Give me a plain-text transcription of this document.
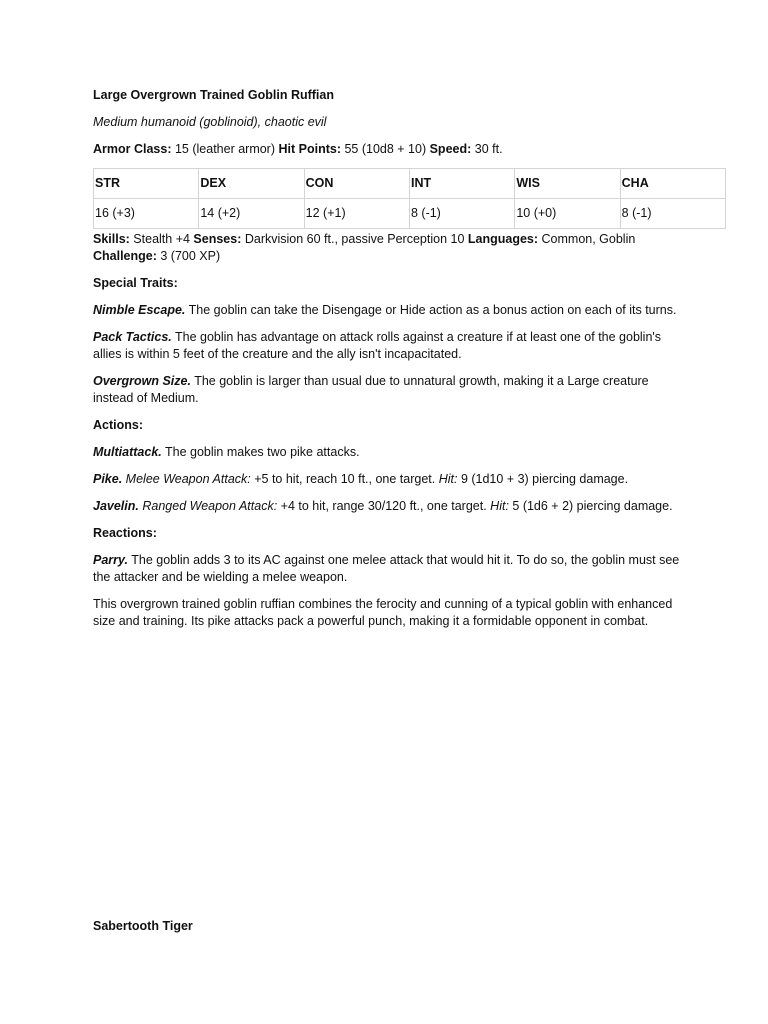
Large Overgrown Trained Goblin Ruffian

Medium humanoid (goblinoid), chaotic evil

Armor Class: 15 (leather armor) Hit Points: 55 (10d8 + 10) Speed: 30 ft.

STR	DEX	CON	INT	WIS	CHA
16 (+3)	14 (+2)	12 (+1)	8 (-1)	10 (+0)	8 (-1)

Skills: Stealth +4 Senses: Darkvision 60 ft., passive Perception 10 Languages: Common, Goblin
Challenge: 3 (700 XP)

Special Traits:

Nimble Escape. The goblin can take the Disengage or Hide action as a bonus action on each of its turns.

Pack Tactics. The goblin has advantage on attack rolls against a creature if at least one of the goblin's allies is within 5 feet of the creature and the ally isn't incapacitated.

Overgrown Size. The goblin is larger than usual due to unnatural growth, making it a Large creature instead of Medium.

Actions:

Multiattack. The goblin makes two pike attacks.

Pike. Melee Weapon Attack: +5 to hit, reach 10 ft., one target. Hit: 9 (1d10 + 3) piercing damage.

Javelin. Ranged Weapon Attack: +4 to hit, range 30/120 ft., one target. Hit: 5 (1d6 + 2) piercing damage.

Reactions:

Parry. The goblin adds 3 to its AC against one melee attack that would hit it. To do so, the goblin must see the attacker and be wielding a melee weapon.

This overgrown trained goblin ruffian combines the ferocity and cunning of a typical goblin with enhanced size and training. Its pike attacks pack a powerful punch, making it a formidable opponent in combat.

Sabertooth Tiger
